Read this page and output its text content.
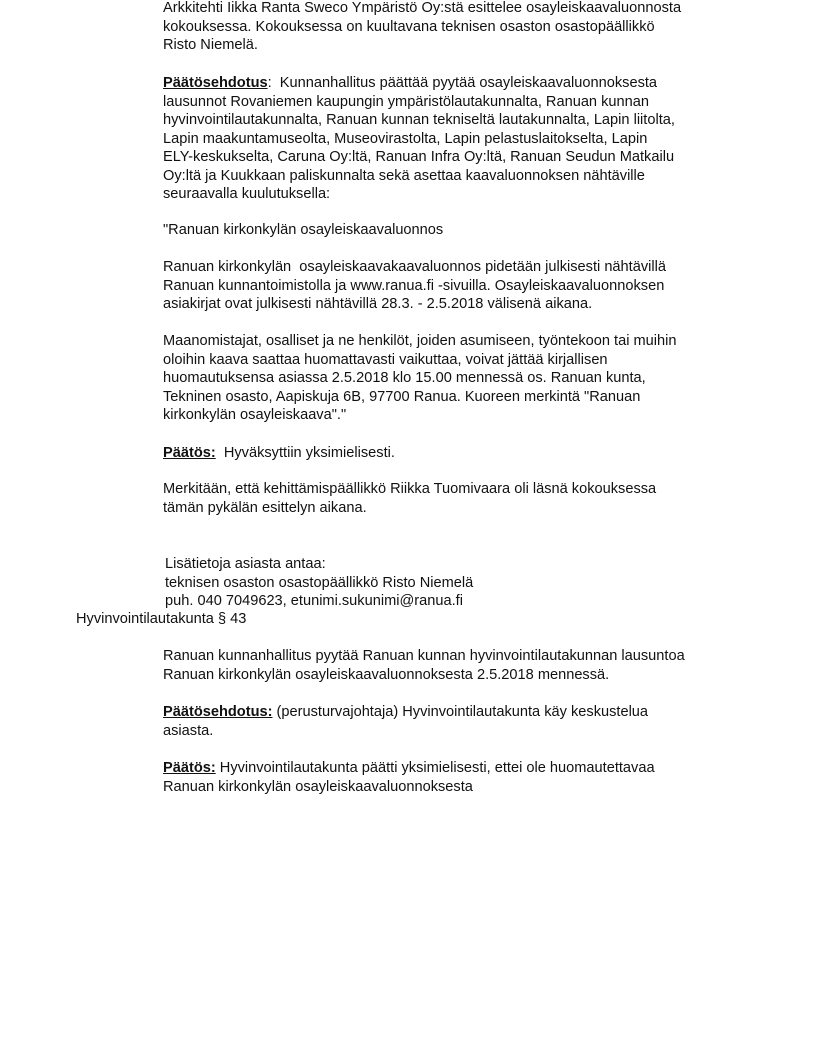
Arkkitehti Iikka Ranta Sweco Ympäristö Oy:stä esittelee osayleiskaavaluonnosta
kokouksessa. Kokouksessa on kuultavana teknisen osaston osastopäällikkö
Risto Niemelä.
Päätösehdotus:  Kunnanhallitus päättää pyytää osayleiskaavaluonnoksesta
lausunnot Rovaniemen kaupungin ympäristölautakunnalta, Ranuan kunnan
hyvinvointilautakunnalta, Ranuan kunnan tekniseltä lautakunnalta, Lapin liitolta,
Lapin maakuntamuseolta, Museovirastolta, Lapin pelastuslaitokselta, Lapin
ELY-keskukselta, Caruna Oy:ltä, Ranuan Infra Oy:ltä, Ranuan Seudun Matkailu
Oy:ltä ja Kuukkaan paliskunnalta sekä asettaa kaavaluonnoksen nähtäville
seuraavalla kuulutuksella:
"Ranuan kirkonkylän osayleiskaavaluonnos
Ranuan kirkonkylän  osayleiskaavakaavaluonnos pidetään julkisesti nähtävillä
Ranuan kunnantoimistolla ja www.ranua.fi -sivuilla. Osayleiskaavaluonnoksen
asiakirjat ovat julkisesti nähtävillä 28.3. - 2.5.2018 välisenä aikana.
Maanomistajat, osalliset ja ne henkilöt, joiden asumiseen, työntekoon tai muihin
oloihin kaava saattaa huomattavasti vaikuttaa, voivat jättää kirjallisen
huomautuksensa asiassa 2.5.2018 klo 15.00 mennessä os. Ranuan kunta,
Tekninen osasto, Aapiskuja 6B, 97700 Ranua. Kuoreen merkintä "Ranuan
kirkonkylän osayleiskaava"."
Päätös:  Hyväksyttiin yksimielisesti.
Merkitään, että kehittämispäällikkö Riikka Tuomivaara oli läsnä kokouksessa
tämän pykälän esittelyn aikana.
Lisätietoja asiasta antaa:
teknisen osaston osastopäällikkö Risto Niemelä
puh. 040 7049623, etunimi.sukunimi@ranua.fi
Hyvinvointilautakunta § 43
Ranuan kunnanhallitus pyytää Ranuan kunnan hyvinvointilautakunnan lausuntoa
Ranuan kirkonkylän osayleiskaavaluonnoksesta 2.5.2018 mennessä.
Päätösehdotus: (perusturvajohtaja) Hyvinvointilautakunta käy keskustelua
asiasta.
Päätös: Hyvinvointilautakunta päätti yksimielisesti, ettei ole huomautettavaa
Ranuan kirkonkylän osayleiskaavaluonnoksesta
